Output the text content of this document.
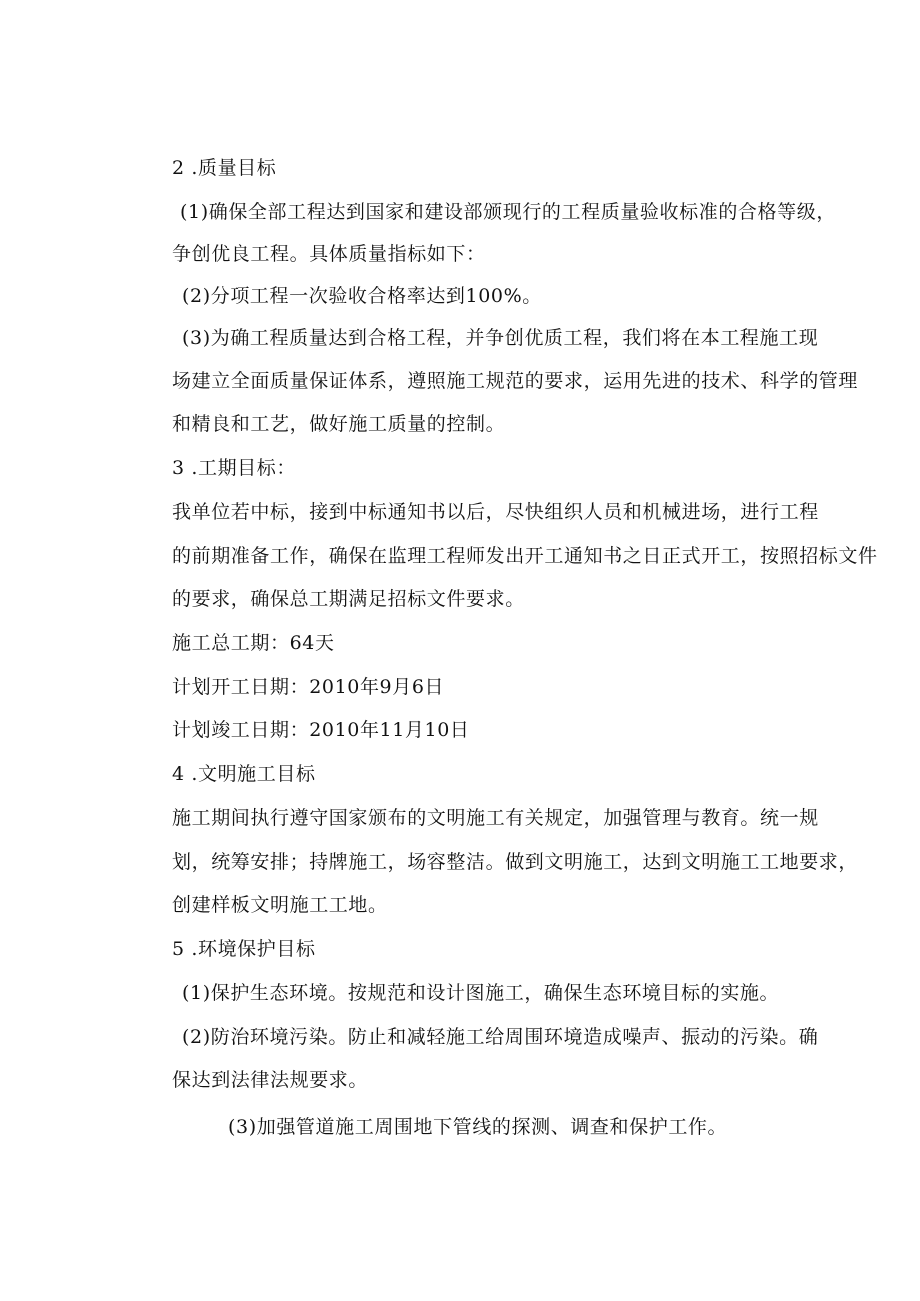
2 .质量目标
(1)确保全部工程达到国家和建设部颁现行的工程质量验收标准的合格等级，
争创优良工程。具体质量指标如下：
(2)分项工程一次验收合格率达到100%。
(3)为确工程质量达到合格工程，并争创优质工程，我们将在本工程施工现
场建立全面质量保证体系，遵照施工规范的要求，运用先进的技术、科学的管理
和精良和工艺，做好施工质量的控制。
3 .工期目标：
我单位若中标，接到中标通知书以后，尽快组织人员和机械进场，进行工程
的前期准备工作，确保在监理工程师发出开工通知书之日正式开工，按照招标文件
的要求，确保总工期满足招标文件要求。
施工总工期：64天
计划开工日期：2010年9月6日
计划竣工日期：2010年11月10日
4 .文明施工目标
施工期间执行遵守国家颁布的文明施工有关规定，加强管理与教育。统一规
划，统筹安排；持牌施工，场容整洁。做到文明施工，达到文明施工工地要求，
创建样板文明施工工地。
5 .环境保护目标
(1)保护生态环境。按规范和设计图施工，确保生态环境目标的实施。
(2)防治环境污染。防止和减轻施工给周围环境造成噪声、振动的污染。确
保达到法律法规要求。
(3)加强管道施工周围地下管线的探测、调查和保护工作。
